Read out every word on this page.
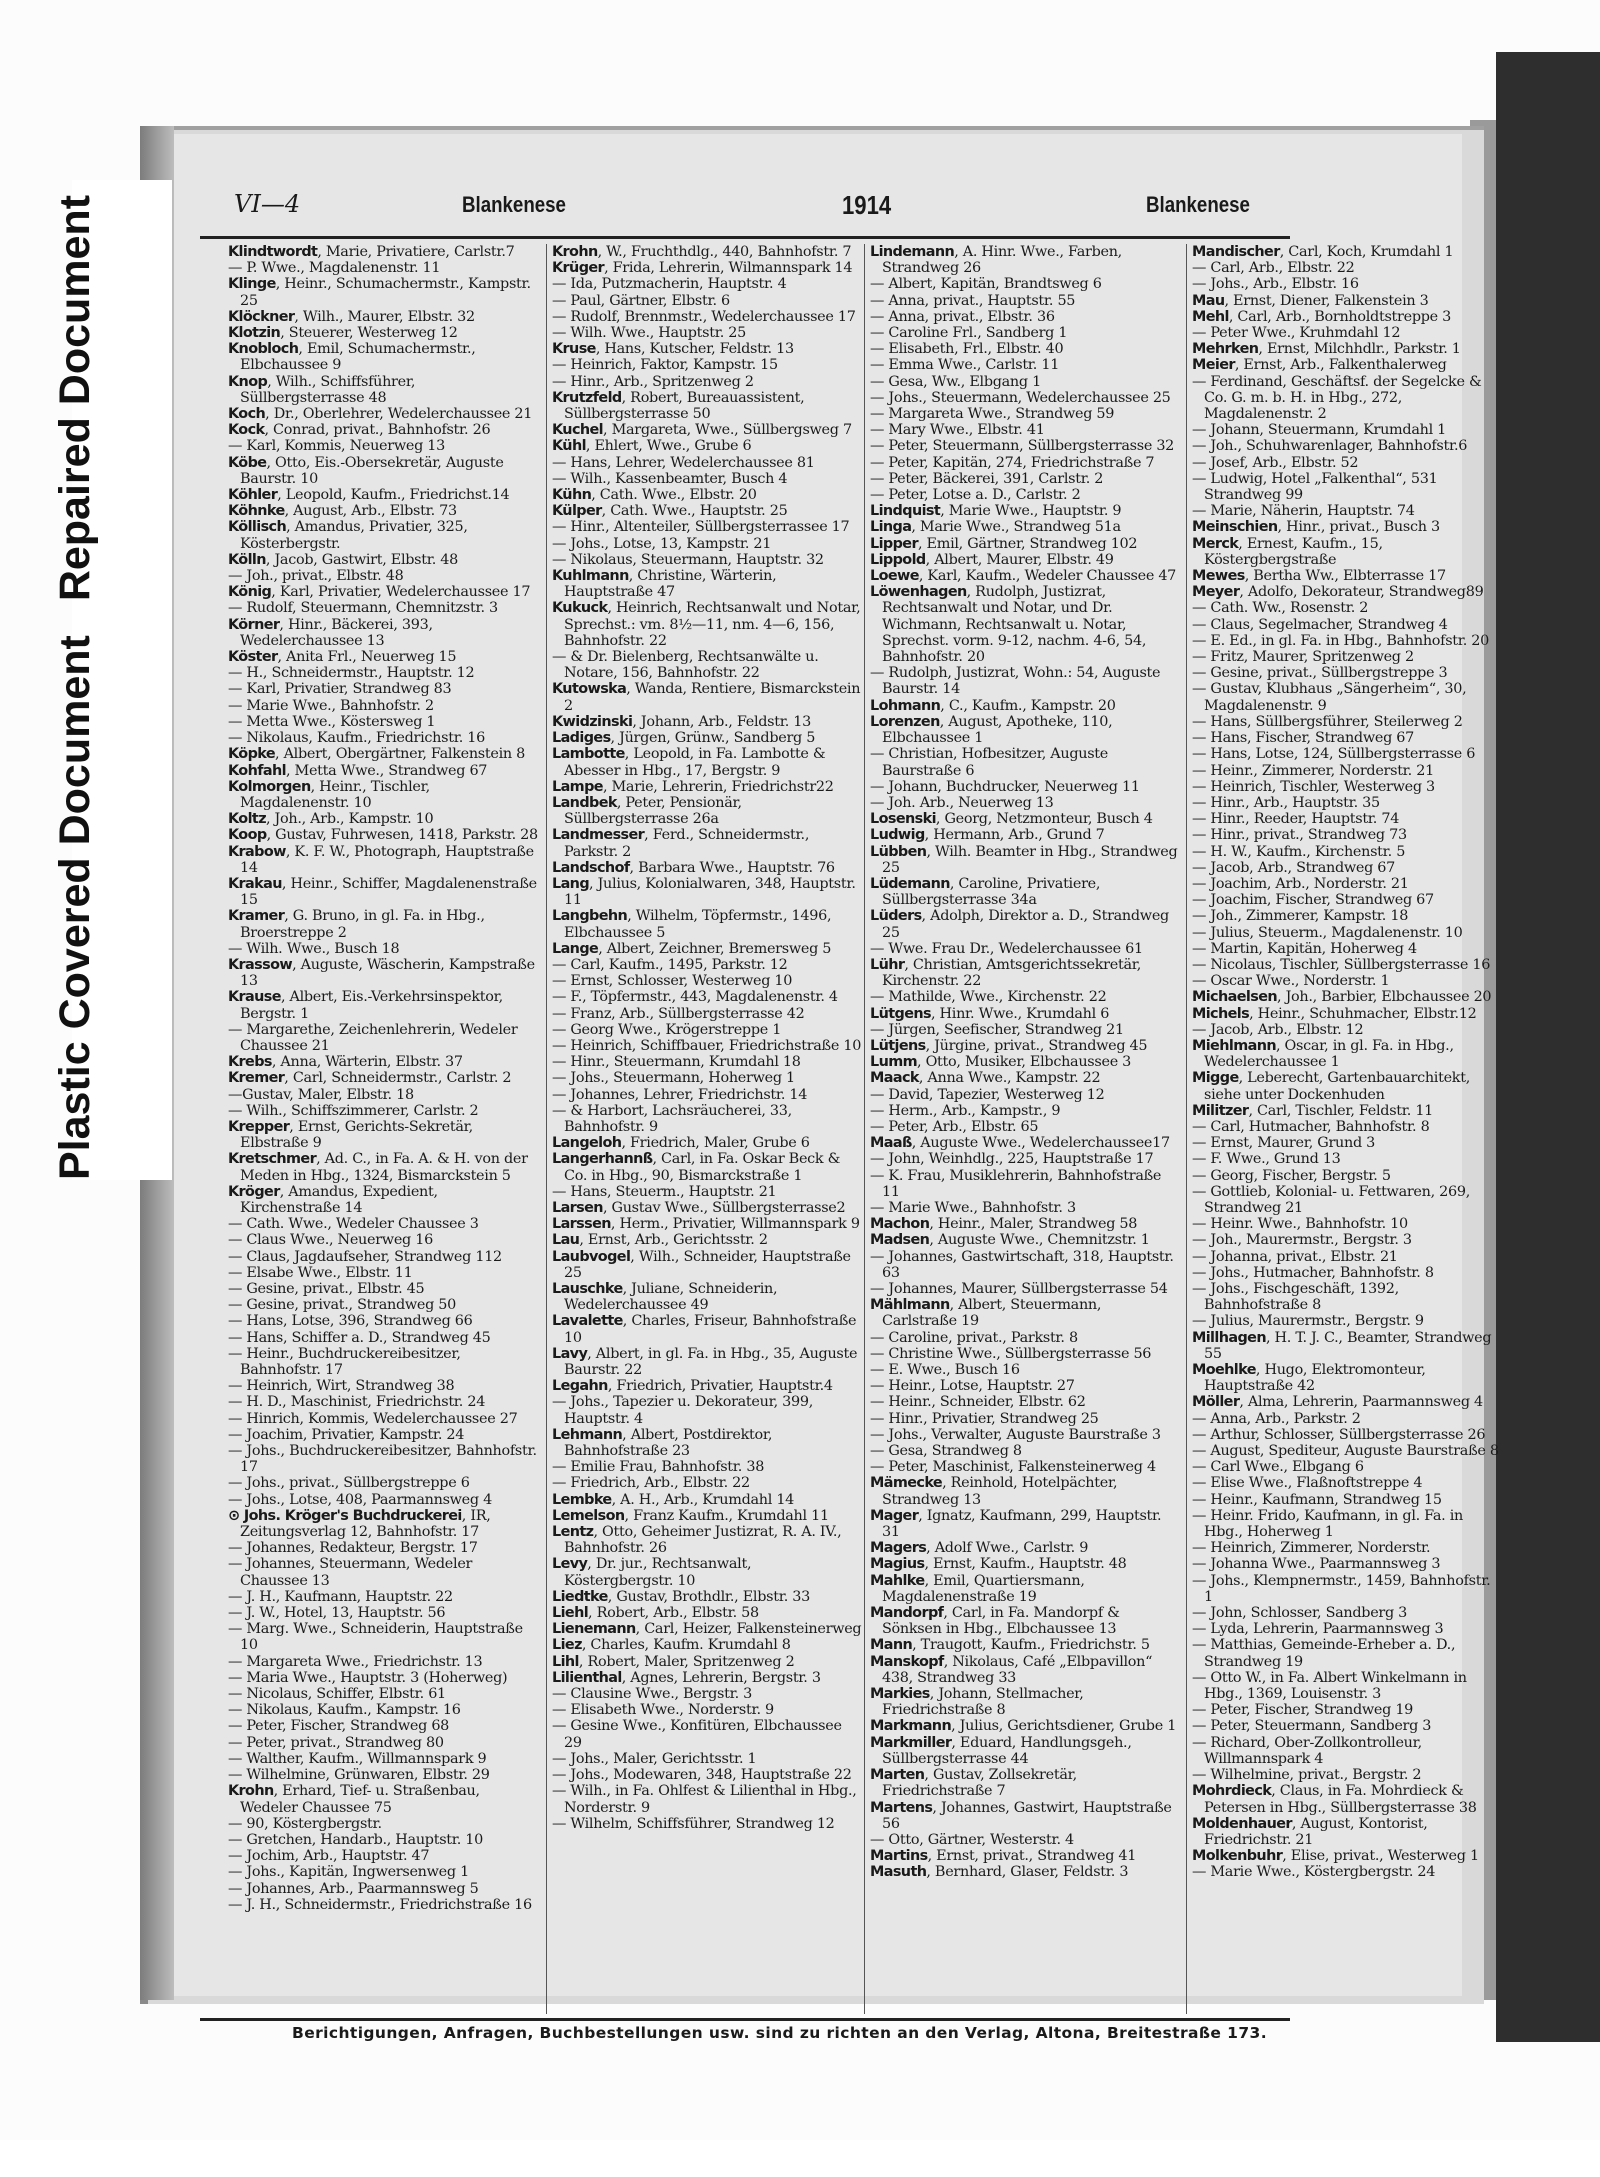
Plastic Covered DocumentRepaired Document	VI—4	Blankenese	1914	Blankenese

Klindtwordt, Marie, Privatiere, Carlstr.7

— P. Wwe., Magdalenenstr. 11

Klinge, Heinr., Schumachermstr., Kampstr. 25

Klöckner, Wilh., Maurer, Elbstr. 32

Klotzin, Steuerer, Westerweg 12

Knobloch, Emil, Schumachermstr., Elbchaussee 9

Knop, Wilh., Schiffsführer, Süllbergsterrasse 48

Koch, Dr., Oberlehrer, Wedelerchaussee 21

Kock, Conrad, privat., Bahnhofstr. 26

— Karl, Kommis, Neuerweg 13

Köbe, Otto, Eis.-Obersekretär, Auguste Baurstr. 10

Köhler, Leopold, Kaufm., Friedrichst.14

Köhnke, August, Arb., Elbstr. 73

Köllisch, Amandus, Privatier, 325, Kösterbergstr.

Kölln, Jacob, Gastwirt, Elbstr. 48

— Joh., privat., Elbstr. 48

König, Karl, Privatier, Wedelerchaussee 17

— Rudolf, Steuermann, Chemnitzstr. 3

Körner, Hinr., Bäckerei, 393, Wedelerchaussee 13

Köster, Anita Frl., Neuerweg 15

— H., Schneidermstr., Hauptstr. 12

— Karl, Privatier, Strandweg 83

— Marie Wwe., Bahnhofstr. 2

— Metta Wwe., Köstersweg 1

— Nikolaus, Kaufm., Friedrichstr. 16

Köpke, Albert, Obergärtner, Falkenstein 8

Kohfahl, Metta Wwe., Strandweg 67

Kolmorgen, Heinr., Tischler, Magdalenenstr. 10

Koltz, Joh., Arb., Kampstr. 10

Koop, Gustav, Fuhrwesen, 1418, Parkstr. 28

Krabow, K. F. W., Photograph, Hauptstraße 14

Krakau, Heinr., Schiffer, Magdalenenstraße 15

Kramer, G. Bruno, in gl. Fa. in Hbg., Broerstreppe 2

— Wilh. Wwe., Busch 18

Krassow, Auguste, Wäscherin, Kampstraße 13

Krause, Albert, Eis.-Verkehrsinspektor, Bergstr. 1

— Margarethe, Zeichenlehrerin, Wedeler Chaussee 21

Krebs, Anna, Wärterin, Elbstr. 37

Kremer, Carl, Schneidermstr., Carlstr. 2

—Gustav, Maler, Elbstr. 18

— Wilh., Schiffszimmerer, Carlstr. 2

Krepper, Ernst, Gerichts-Sekretär, Elbstraße 9

Kretschmer, Ad. C., in Fa. A. & H. von der Meden in Hbg., 1324, Bismarckstein 5

Kröger, Amandus, Expedient, Kirchenstraße 14

— Cath. Wwe., Wedeler Chaussee 3

— Claus Wwe., Neuerweg 16

— Claus, Jagdaufseher, Strandweg 112

— Elsabe Wwe., Elbstr. 11

— Gesine, privat., Elbstr. 45

— Gesine, privat., Strandweg 50

— Hans, Lotse, 396, Strandweg 66

— Hans, Schiffer a. D., Strandweg 45

— Heinr., Buchdruckereibesitzer, Bahnhofstr. 17

— Heinrich, Wirt, Strandweg 38

— H. D., Maschinist, Friedrichstr. 24

— Hinrich, Kommis, Wedelerchaussee 27

— Joachim, Privatier, Kampstr. 24

— Johs., Buchdruckereibesitzer, Bahnhofstr. 17

— Johs., privat., Süllbergstreppe 6

— Johs., Lotse, 408, Paarmannsweg 4

⊙ Johs. Kröger's Buchdruckerei, IR, Zeitungsverlag 12, Bahnhofstr. 17

— Johannes, Redakteur, Bergstr. 17

— Johannes, Steuermann, Wedeler Chaussee 13

— J. H., Kaufmann, Hauptstr. 22

— J. W., Hotel, 13, Hauptstr. 56

— Marg. Wwe., Schneiderin, Hauptstraße 10

— Margareta Wwe., Friedrichstr. 13

— Maria Wwe., Hauptstr. 3 (Hoherweg)

— Nicolaus, Schiffer, Elbstr. 61

— Nikolaus, Kaufm., Kampstr. 16

— Peter, Fischer, Strandweg 68

— Peter, privat., Strandweg 80

— Walther, Kaufm., Willmannspark 9

— Wilhelmine, Grünwaren, Elbstr. 29

Krohn, Erhard, Tief- u. Straßenbau, Wedeler Chaussee 75

— 90, Köstergbergstr.

— Gretchen, Handarb., Hauptstr. 10

— Jochim, Arb., Hauptstr. 47

— Johs., Kapitän, Ingwersenweg 1

— Johannes, Arb., Paarmannsweg 5

— J. H., Schneidermstr., Friedrichstraße 16

Krohn, W., Fruchthdlg., 440, Bahnhofstr. 7

Krüger, Frida, Lehrerin, Wilmannspark 14

— Ida, Putzmacherin, Hauptstr. 4

— Paul, Gärtner, Elbstr. 6

— Rudolf, Brennmstr., Wedelerchaussee 17

— Wilh. Wwe., Hauptstr. 25

Kruse, Hans, Kutscher, Feldstr. 13

— Heinrich, Faktor, Kampstr. 15

— Hinr., Arb., Spritzenweg 2

Krutzfeld, Robert, Bureauassistent, Süllbergsterrasse 50

Kuchel, Margareta, Wwe., Süllbergsweg 7

Kühl, Ehlert, Wwe., Grube 6

— Hans, Lehrer, Wedelerchaussee 81

— Wilh., Kassenbeamter, Busch 4

Kühn, Cath. Wwe., Elbstr. 20

Külper, Cath. Wwe., Hauptstr. 25

— Hinr., Altenteiler, Süllbergsterrassee 17

— Johs., Lotse, 13, Kampstr. 21

— Nikolaus, Steuermann, Hauptstr. 32

Kuhlmann, Christine, Wärterin, Hauptstraße 47

Kukuck, Heinrich, Rechtsanwalt und Notar, Sprechst.: vm. 8½—11, nm. 4—6, 156, Bahnhofstr. 22

— & Dr. Bielenberg, Rechtsanwälte u. Notare, 156, Bahnhofstr. 22

Kutowska, Wanda, Rentiere, Bismarckstein 2

Kwidzinski, Johann, Arb., Feldstr. 13

Ladiges, Jürgen, Grünw., Sandberg 5

Lambotte, Leopold, in Fa. Lambotte & Abesser in Hbg., 17, Bergstr. 9

Lampe, Marie, Lehrerin, Friedrichstr22

Landbek, Peter, Pensionär, Süllbergsterrasse 26a

Landmesser, Ferd., Schneidermstr., Parkstr. 2

Landschof, Barbara Wwe., Hauptstr. 76

Lang, Julius, Kolonialwaren, 348, Hauptstr. 11

Langbehn, Wilhelm, Töpfermstr., 1496, Elbchaussee 5

Lange, Albert, Zeichner, Bremersweg 5

— Carl, Kaufm., 1495, Parkstr. 12

— Ernst, Schlosser, Westerweg 10

— F., Töpfermstr., 443, Magdalenenstr. 4

— Franz, Arb., Süllbergsterrasse 42

— Georg Wwe., Krögerstreppe 1

— Heinrich, Schiffbauer, Friedrichstraße 10

— Hinr., Steuermann, Krumdahl 18

— Johs., Steuermann, Hoherweg 1

— Johannes, Lehrer, Friedrichstr. 14

— & Harbort, Lachsräucherei, 33, Bahnhofstr. 9

Langeloh, Friedrich, Maler, Grube 6

Langerhannß, Carl, in Fa. Oskar Beck & Co. in Hbg., 90, Bismarckstraße 1

— Hans, Steuerm., Hauptstr. 21

Larsen, Gustav Wwe., Süllbergsterrasse2

Larssen, Herm., Privatier, Willmannspark 9

Lau, Ernst, Arb., Gerichtsstr. 2

Laubvogel, Wilh., Schneider, Hauptstraße 25

Lauschke, Juliane, Schneiderin, Wedelerchaussee 49

Lavalette, Charles, Friseur, Bahnhofstraße 10

Lavy, Albert, in gl. Fa. in Hbg., 35, Auguste Baurstr. 22

Legahn, Friedrich, Privatier, Hauptstr.4

— Johs., Tapezier u. Dekorateur, 399, Hauptstr. 4

Lehmann, Albert, Postdirektor, Bahnhofstraße 23

— Emilie Frau, Bahnhofstr. 38

— Friedrich, Arb., Elbstr. 22

Lembke, A. H., Arb., Krumdahl 14

Lemelson, Franz Kaufm., Krumdahl 11

Lentz, Otto, Geheimer Justizrat, R. A. IV., Bahnhofstr. 26

Levy, Dr. jur., Rechtsanwalt, Köstergbergstr. 10

Liedtke, Gustav, Brothdlr., Elbstr. 33

Liehl, Robert, Arb., Elbstr. 58

Lienemann, Carl, Heizer, Falkensteinerweg

Liez, Charles, Kaufm. Krumdahl 8

Lihl, Robert, Maler, Spritzenweg 2

Lilienthal, Agnes, Lehrerin, Bergstr. 3

— Clausine Wwe., Bergstr. 3

— Elisabeth Wwe., Norderstr. 9

— Gesine Wwe., Konfitüren, Elbchaussee 29

— Johs., Maler, Gerichtsstr. 1

— Johs., Modewaren, 348, Hauptstraße 22

— Wilh., in Fa. Ohlfest & Lilienthal in Hbg., Norderstr. 9

— Wilhelm, Schiffsführer, Strandweg 12

Lindemann, A. Hinr. Wwe., Farben, Strandweg 26

— Albert, Kapitän, Brandtsweg 6

— Anna, privat., Hauptstr. 55

— Anna, privat., Elbstr. 36

— Caroline Frl., Sandberg 1

— Elisabeth, Frl., Elbstr. 40

— Emma Wwe., Carlstr. 11

— Gesa, Ww., Elbgang 1

— Johs., Steuermann, Wedelerchaussee 25

— Margareta Wwe., Strandweg 59

— Mary Wwe., Elbstr. 41

— Peter, Steuermann, Süllbergsterrasse 32

— Peter, Kapitän, 274, Friedrichstraße 7

— Peter, Bäckerei, 391, Carlstr. 2

— Peter, Lotse a. D., Carlstr. 2

Lindquist, Marie Wwe., Hauptstr. 9

Linga, Marie Wwe., Strandweg 51a

Lipper, Emil, Gärtner, Strandweg 102

Lippold, Albert, Maurer, Elbstr. 49

Loewe, Karl, Kaufm., Wedeler Chaussee 47

Löwenhagen, Rudolph, Justizrat, Rechtsanwalt und Notar, und Dr. Wichmann, Rechtsanwalt u. Notar, Sprechst. vorm. 9-12, nachm. 4-6, 54, Bahnhofstr. 20

— Rudolph, Justizrat, Wohn.: 54, Auguste Baurstr. 14

Lohmann, C., Kaufm., Kampstr. 20

Lorenzen, August, Apotheke, 110, Elbchaussee 1

— Christian, Hofbesitzer, Auguste Baurstraße 6

— Johann, Buchdrucker, Neuerweg 11

— Joh. Arb., Neuerweg 13

Losenski, Georg, Netzmonteur, Busch 4

Ludwig, Hermann, Arb., Grund 7

Lübben, Wilh. Beamter in Hbg., Strandweg 25

Lüdemann, Caroline, Privatiere, Süllbergsterrasse 34a

Lüders, Adolph, Direktor a. D., Strandweg 25

— Wwe. Frau Dr., Wedelerchaussee 61

Lühr, Christian, Amtsgerichtssekretär, Kirchenstr. 22

— Mathilde, Wwe., Kirchenstr. 22

Lütgens, Hinr. Wwe., Krumdahl 6

— Jürgen, Seefischer, Strandweg 21

Lütjens, Jürgine, privat., Strandweg 45

Lumm, Otto, Musiker, Elbchaussee 3

Maack, Anna Wwe., Kampstr. 22

— David, Tapezier, Westerweg 12

— Herm., Arb., Kampstr., 9

— Peter, Arb., Elbstr. 65

Maaß, Auguste Wwe., Wedelerchaussee17

— John, Weinhdlg., 225, Hauptstraße 17

— K. Frau, Musiklehrerin, Bahnhofstraße 11

— Marie Wwe., Bahnhofstr. 3

Machon, Heinr., Maler, Strandweg 58

Madsen, Auguste Wwe., Chemnitzstr. 1

— Johannes, Gastwirtschaft, 318, Hauptstr. 63

— Johannes, Maurer, Süllbergsterrasse 54

Mählmann, Albert, Steuermann, Carlstraße 19

— Caroline, privat., Parkstr. 8

— Christine Wwe., Süllbergsterrasse 56

— E. Wwe., Busch 16

— Heinr., Lotse, Hauptstr. 27

— Heinr., Schneider, Elbstr. 62

— Hinr., Privatier, Strandweg 25

— Johs., Verwalter, Auguste Baurstraße 3

— Gesa, Strandweg 8

— Peter, Maschinist, Falkensteinerweg 4

Mämecke, Reinhold, Hotelpächter, Strandweg 13

Mager, Ignatz, Kaufmann, 299, Hauptstr. 31

Magers, Adolf Wwe., Carlstr. 9

Magius, Ernst, Kaufm., Hauptstr. 48

Mahlke, Emil, Quartiersmann, Magdalenenstraße 19

Mandorpf, Carl, in Fa. Mandorpf & Sönksen in Hbg., Elbchaussee 13

Mann, Traugott, Kaufm., Friedrichstr. 5

Manskopf, Nikolaus, Café „Elbpavillon“ 438, Strandweg 33

Markies, Johann, Stellmacher, Friedrichstraße 8

Markmann, Julius, Gerichtsdiener, Grube 1

Markmiller, Eduard, Handlungsgeh., Süllbergsterrasse 44

Marten, Gustav, Zollsekretär, Friedrichstraße 7

Martens, Johannes, Gastwirt, Hauptstraße 56

— Otto, Gärtner, Westerstr. 4

Martins, Ernst, privat., Strandweg 41

Masuth, Bernhard, Glaser, Feldstr. 3

Mandischer, Carl, Koch, Krumdahl 1

— Carl, Arb., Elbstr. 22

— Johs., Arb., Elbstr. 16

Mau, Ernst, Diener, Falkenstein 3

Mehl, Carl, Arb., Bornholdtstreppe 3

— Peter Wwe., Kruhmdahl 12

Mehrken, Ernst, Milchhdlr., Parkstr. 1

Meier, Ernst, Arb., Falkenthalerweg

— Ferdinand, Geschäftsf. der Segelcke & Co. G. m. b. H. in Hbg., 272, Magdalenenstr. 2

— Johann, Steuermann, Krumdahl 1

— Joh., Schuhwarenlager, Bahnhofstr.6

— Josef, Arb., Elbstr. 52

— Ludwig, Hotel „Falkenthal“, 531 Strandweg 99

— Marie, Näherin, Hauptstr. 74

Meinschien, Hinr., privat., Busch 3

Merck, Ernest, Kaufm., 15, Köstergbergstraße

Mewes, Bertha Ww., Elbterrasse 17

Meyer, Adolfo, Dekorateur, Strandweg89

— Cath. Ww., Rosenstr. 2

— Claus, Segelmacher, Strandweg 4

— E. Ed., in gl. Fa. in Hbg., Bahnhofstr. 20

— Fritz, Maurer, Spritzenweg 2

— Gesine, privat., Süllbergstreppe 3

— Gustav, Klubhaus „Sängerheim“, 30, Magdalenenstr. 9

— Hans, Süllbergsführer, Steilerweg 2

— Hans, Fischer, Strandweg 67

— Hans, Lotse, 124, Süllbergsterrasse 6

— Heinr., Zimmerer, Norderstr. 21

— Heinrich, Tischler, Westerweg 3

— Hinr., Arb., Hauptstr. 35

— Hinr., Reeder, Hauptstr. 74

— Hinr., privat., Strandweg 73

— H. W., Kaufm., Kirchenstr. 5

— Jacob, Arb., Strandweg 67

— Joachim, Arb., Norderstr. 21

— Joachim, Fischer, Strandweg 67

— Joh., Zimmerer, Kampstr. 18

— Julius, Steuerm., Magdalenenstr. 10

— Martin, Kapitän, Hoherweg 4

— Nicolaus, Tischler, Süllbergsterrasse 16

— Oscar Wwe., Norderstr. 1

Michaelsen, Joh., Barbier, Elbchaussee 20

Michels, Heinr., Schuhmacher, Elbstr.12

— Jacob, Arb., Elbstr. 12

Miehlmann, Oscar, in gl. Fa. in Hbg., Wedelerchaussee 1

Migge, Leberecht, Gartenbauarchitekt, siehe unter Dockenhuden

Militzer, Carl, Tischler, Feldstr. 11

— Carl, Hutmacher, Bahnhofstr. 8

— Ernst, Maurer, Grund 3

— F. Wwe., Grund 13

— Georg, Fischer, Bergstr. 5

— Gottlieb, Kolonial- u. Fettwaren, 269, Strandweg 21

— Heinr. Wwe., Bahnhofstr. 10

— Joh., Maurermstr., Bergstr. 3

— Johanna, privat., Elbstr. 21

— Johs., Hutmacher, Bahnhofstr. 8

— Johs., Fischgeschäft, 1392, Bahnhofstraße 8

— Julius, Maurermstr., Bergstr. 9

Millhagen, H. T. J. C., Beamter, Strandweg 55

Moehlke, Hugo, Elektromonteur, Hauptstraße 42

Möller, Alma, Lehrerin, Paarmannsweg 4

— Anna, Arb., Parkstr. 2

— Arthur, Schlosser, Süllbergsterrasse 26

— August, Spediteur, Auguste Baurstraße 8

— Carl Wwe., Elbgang 6

— Elise Wwe., Flaßnoftstreppe 4

— Heinr., Kaufmann, Strandweg 15

— Heinr. Frido, Kaufmann, in gl. Fa. in Hbg., Hoherweg 1

— Heinrich, Zimmerer, Norderstr.

— Johanna Wwe., Paarmannsweg 3

— Johs., Klempnermstr., 1459, Bahnhofstr. 1

— John, Schlosser, Sandberg 3

— Lyda, Lehrerin, Paarmannsweg 3

— Matthias, Gemeinde-Erheber a. D., Strandweg 19

— Otto W., in Fa. Albert Winkelmann in Hbg., 1369, Louisenstr. 3

— Peter, Fischer, Strandweg 19

— Peter, Steuermann, Sandberg 3

— Richard, Ober-Zollkontrolleur, Willmannspark 4

— Wilhelmine, privat., Bergstr. 2

Mohrdieck, Claus, in Fa. Mohrdieck & Petersen in Hbg., Süllbergsterrasse 38

Moldenhauer, August, Kontorist, Friedrichstr. 21

Molkenbuhr, Elise, privat., Westerweg 1

— Marie Wwe., Köstergbergstr. 24

Berichtigungen, Anfragen, Buchbestellungen usw. sind zu richten an den Verlag, Altona, Breitestraße 173.
